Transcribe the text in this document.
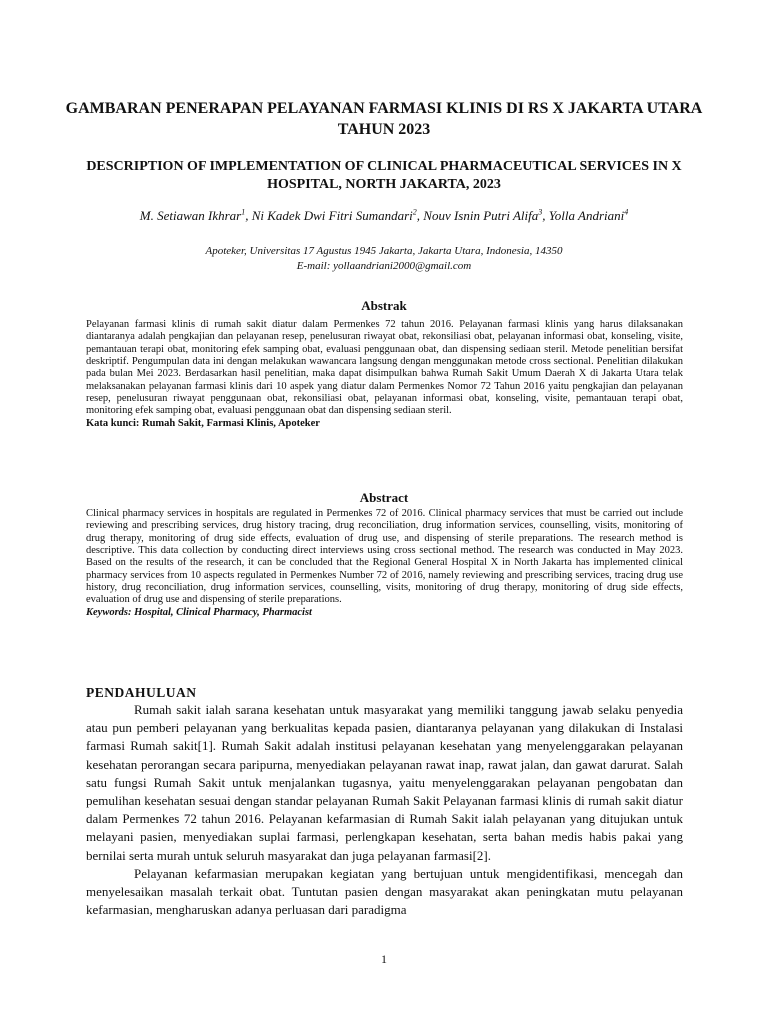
GAMBARAN PENERAPAN PELAYANAN FARMASI KLINIS DI RS X JAKARTA UTARA TAHUN 2023
DESCRIPTION OF IMPLEMENTATION OF CLINICAL PHARMACEUTICAL SERVICES IN X HOSPITAL, NORTH JAKARTA, 2023
M. Setiawan Ikhrar$^1$, Ni Kadek Dwi Fitri Sumandari$^2$, Nouv Isnin Putri Alifa$^3$, Yolla Andriani$^4$
Apoteker, Universitas 17 Agustus 1945 Jakarta, Jakarta Utara, Indonesia, 14350
E-mail: yollaandriani2000@gmail.com
Abstrak
Pelayanan farmasi klinis di rumah sakit diatur dalam Permenkes 72 tahun 2016. Pelayanan farmasi klinis yang harus dilaksanakan diantaranya adalah pengkajian dan pelayanan resep, penelusuran riwayat obat, rekonsiliasi obat, pelayanan informasi obat, konseling, visite, pemantauan terapi obat, monitoring efek samping obat, evaluasi penggunaan obat, dan dispensing sediaan steril. Metode penelitian bersifat deskriptif. Pengumpulan data ini dengan melakukan wawancara langsung dengan menggunakan metode cross sectional. Penelitian dilakukan pada bulan Mei 2023. Berdasarkan hasil penelitian, maka dapat disimpulkan bahwa Rumah Sakit Umum Daerah X di Jakarta Utara telak melaksanakan pelayanan farmasi klinis dari 10 aspek yang diatur dalam Permenkes Nomor 72 Tahun 2016 yaitu pengkajian dan pelayanan resep, penelusuran riwayat penggunaan obat, rekonsiliasi obat, pelayanan informasi obat, konseling, visite, pemantauan terapi obat, monitoring efek samping obat, evaluasi penggunaan obat dan dispensing sediaan steril.
Kata kunci: Rumah Sakit, Farmasi Klinis, Apoteker
Abstract
Clinical pharmacy services in hospitals are regulated in Permenkes 72 of 2016. Clinical pharmacy services that must be carried out include reviewing and prescribing services, drug history tracing, drug reconciliation, drug information services, counselling, visits, monitoring of drug therapy, monitoring of drug side effects, evaluation of drug use, and dispensing of sterile preparations. The research method is descriptive. This data collection by conducting direct interviews using cross sectional method. The research was conducted in May 2023. Based on the results of the research, it can be concluded that the Regional General Hospital X in North Jakarta has implemented clinical pharmacy services from 10 aspects regulated in Permenkes Number 72 of 2016, namely reviewing and prescribing services, tracing drug use history, drug reconciliation, drug information services, counselling, visits, monitoring of drug therapy, monitoring of drug side effects, evaluation of drug use and dispensing of sterile preparations.
Keywords: Hospital, Clinical Pharmacy, Pharmacist
PENDAHULUAN

Rumah sakit ialah sarana kesehatan untuk masyarakat yang memiliki tanggung jawab selaku penyedia atau pun pemberi pelayanan yang berkualitas kepada pasien, diantaranya pelayanan yang dilakukan di Instalasi farmasi Rumah sakit[1]. Rumah Sakit adalah institusi pelayanan kesehatan yang menyelenggarakan pelayanan kesehatan perorangan secara paripurna, menyediakan pelayanan rawat inap, rawat jalan, dan gawat darurat. Salah satu fungsi Rumah Sakit untuk menjalankan tugasnya, yaitu menyelenggarakan pelayanan pengobatan dan pemulihan kesehatan sesuai dengan standar pelayanan Rumah Sakit Pelayanan farmasi klinis di rumah sakit diatur dalam Permenkes 72 tahun 2016. Pelayanan kefarmasian di Rumah Sakit ialah pelayanan yang ditujukan untuk melayani pasien, menyediakan suplai farmasi, perlengkapan kesehatan, serta bahan medis habis pakai yang bernilai serta murah untuk seluruh masyarakat dan juga pelayanan farmasi[2].

Pelayanan kefarmasian merupakan kegiatan yang bertujuan untuk mengidentifikasi, mencegah dan menyelesaikan masalah terkait obat. Tuntutan pasien dengan masyarakat akan peningkatan mutu pelayanan kefarmasian, mengharuskan adanya perluasan dari paradigma

1
